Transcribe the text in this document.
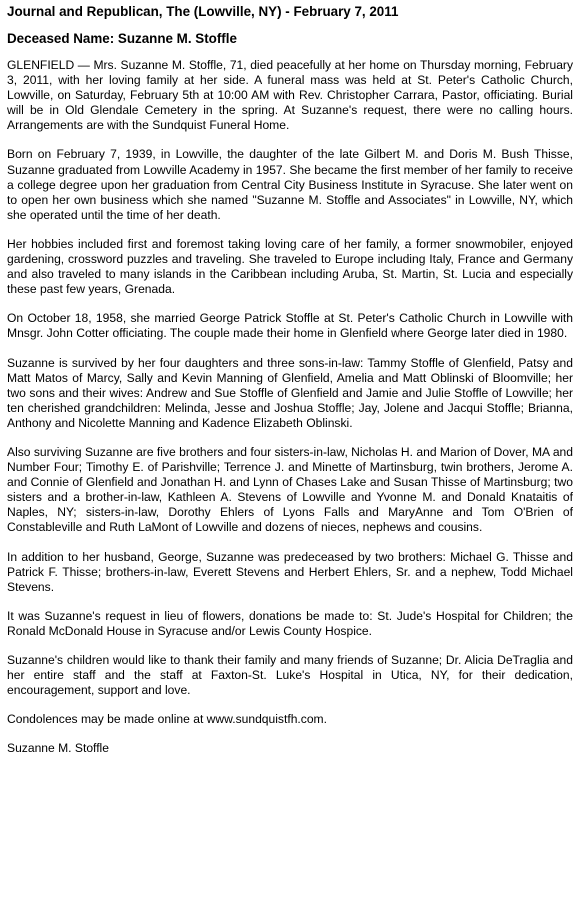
Journal and Republican, The (Lowville, NY) - February 7, 2011
Deceased Name: Suzanne M. Stoffle

GLENFIELD — Mrs. Suzanne M. Stoffle, 71, died peacefully at her home on Thursday morning, February 3, 2011, with her loving family at her side. A funeral mass was held at St. Peter's Catholic Church, Lowville, on Saturday, February 5th at 10:00 AM with Rev. Christopher Carrara, Pastor, officiating. Burial will be in Old Glendale Cemetery in the spring. At Suzanne's request, there were no calling hours. Arrangements are with the Sundquist Funeral Home.

Born on February 7, 1939, in Lowville, the daughter of the late Gilbert M. and Doris M. Bush Thisse, Suzanne graduated from Lowville Academy in 1957. She became the first member of her family to receive a college degree upon her graduation from Central City Business Institute in Syracuse. She later went on to open her own business which she named "Suzanne M. Stoffle and Associates" in Lowville, NY, which she operated until the time of her death.

Her hobbies included first and foremost taking loving care of her family, a former snowmobiler, enjoyed gardening, crossword puzzles and traveling. She traveled to Europe including Italy, France and Germany and also traveled to many islands in the Caribbean including Aruba, St. Martin, St. Lucia and especially these past few years, Grenada.

On October 18, 1958, she married George Patrick Stoffle at St. Peter's Catholic Church in Lowville with Mnsgr. John Cotter officiating. The couple made their home in Glenfield where George later died in 1980.

Suzanne is survived by her four daughters and three sons-in-law: Tammy Stoffle of Glenfield, Patsy and Matt Matos of Marcy, Sally and Kevin Manning of Glenfield, Amelia and Matt Oblinski of Bloomville; her two sons and their wives: Andrew and Sue Stoffle of Glenfield and Jamie and Julie Stoffle of Lowville; her ten cherished grandchildren: Melinda, Jesse and Joshua Stoffle; Jay, Jolene and Jacqui Stoffle; Brianna, Anthony and Nicolette Manning and Kadence Elizabeth Oblinski.

Also surviving Suzanne are five brothers and four sisters-in-law, Nicholas H. and Marion of Dover, MA and Number Four; Timothy E. of Parishville; Terrence J. and Minette of Martinsburg, twin brothers, Jerome A. and Connie of Glenfield and Jonathan H. and Lynn of Chases Lake and Susan Thisse of Martinsburg; two sisters and a brother-in-law, Kathleen A. Stevens of Lowville and Yvonne M. and Donald Knataitis of Naples, NY; sisters-in-law, Dorothy Ehlers of Lyons Falls and MaryAnne and Tom O'Brien of Constableville and Ruth LaMont of Lowville and dozens of nieces, nephews and cousins.

In addition to her husband, George, Suzanne was predeceased by two brothers: Michael G. Thisse and Patrick F. Thisse; brothers-in-law, Everett Stevens and Herbert Ehlers, Sr. and a nephew, Todd Michael Stevens.

It was Suzanne's request in lieu of flowers, donations be made to: St. Jude's Hospital for Children; the Ronald McDonald House in Syracuse and/or Lewis County Hospice.

Suzanne's children would like to thank their family and many friends of Suzanne; Dr. Alicia DeTraglia and her entire staff and the staff at Faxton-St. Luke's Hospital in Utica, NY, for their dedication, encouragement, support and love.

Condolences may be made online at www.sundquistfh.com.

Suzanne M. Stoffle
